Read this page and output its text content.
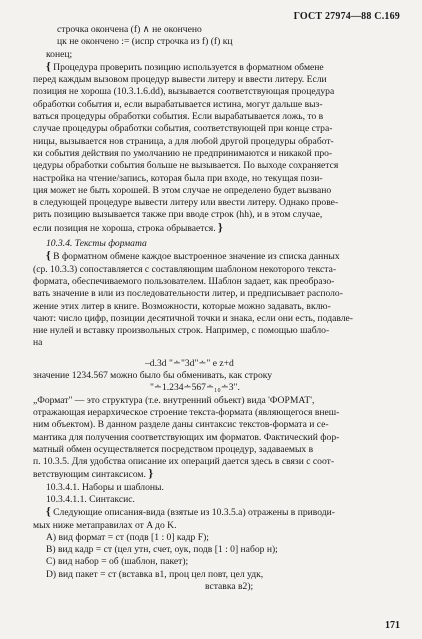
ГОСТ 27974—88 С.169
строчка окончена (f) ∧ не окончено
цк не окончено := (испр строчка из f) (f) кц
конец;
{ Процедура проверить позицию используется в форматном обмене
перед каждым вызовом процедур вывести литеру и ввести литеру. Если
позиция не хороша (10.3.1.6.dd), вызывается соответствующая процедура
обработки события и, если вырабатывается истина, могут дальше выз-
ваться процедуры обработки события. Если вырабатывается ложь, то в
случае процедуры обработки события, соответствующей при конце стра-
ницы, вызывается нов страница, а для любой другой процедуры обработ-
ки события действия по умолчанию не предпринимаются и никакой про-
цедуры обработки события больше не вызывается. По выходе сохраняется
настройка на чтение/запись, которая была при входе, но текущая пози-
ция может не быть хорошей. В этом случае не определено будет вызвано
в следующей процедуре вывести литеру или ввести литеру. Однако прове-
рить позицию вызывается также при вводе строк (hh), и в этом случае,
если позиция не хороша, строка обрывается. }
10.3.4. Тексты формата
{ В форматном обмене каждое выстроенное значение из списка данных
(ср. 10.3.3) сопоставляется с составляющим шаблоном некоторого текста-
формата, обеспечиваемого пользователем. Шаблон задает, как преобразо-
вать значение в или из последовательности литер, и предписывает располо-
жение этих литер в книге. Возможности, которые можно задавать, вклю-
чают: число цифр, позиции десятичной точки и знака, если они есть, подавле-
ние нулей и вставку произвольных строк. Например, с помощью шабло-
на
–d.3d "∸"3d"∸" e z+d
значение 1234.567 можно было бы обменивать, как строку
"∸1.234∸567∸₁₀∸3".
„Формат" — это структура (т.е. внутренний объект) вида 'ФОРМАТ',
отражающая иерархическое строение текста-формата (являющегося внеш-
ним объектом). В данном разделе даны синтаксис текстов-формата и се-
мантика для получения соответствующих им форматов. Фактический фор-
матный обмен осуществляется посредством процедур, задаваемых в
п. 10.3.5. Для удобства описание их операций дается здесь в связи с соот-
ветствующим синтаксисом. }
10.3.4.1. Наборы и шаблоны.
10.3.4.1.1. Синтаксис.
{ Следующие описания-вида (взятые из 10.3.5.а) отражены в приводи-
мых ниже метаправилах от A до K.
A) вид формат = ст (подв [1 : 0] кадр F);
B) вид кадр = ст (цел утн, счет, оук, подв [1 : 0] набор н);
C) вид набор = об (шаблон, пакет);
D) вид пакет = ст (вставка в1, проц цел повт, цел удк,
вставка в2);
171
